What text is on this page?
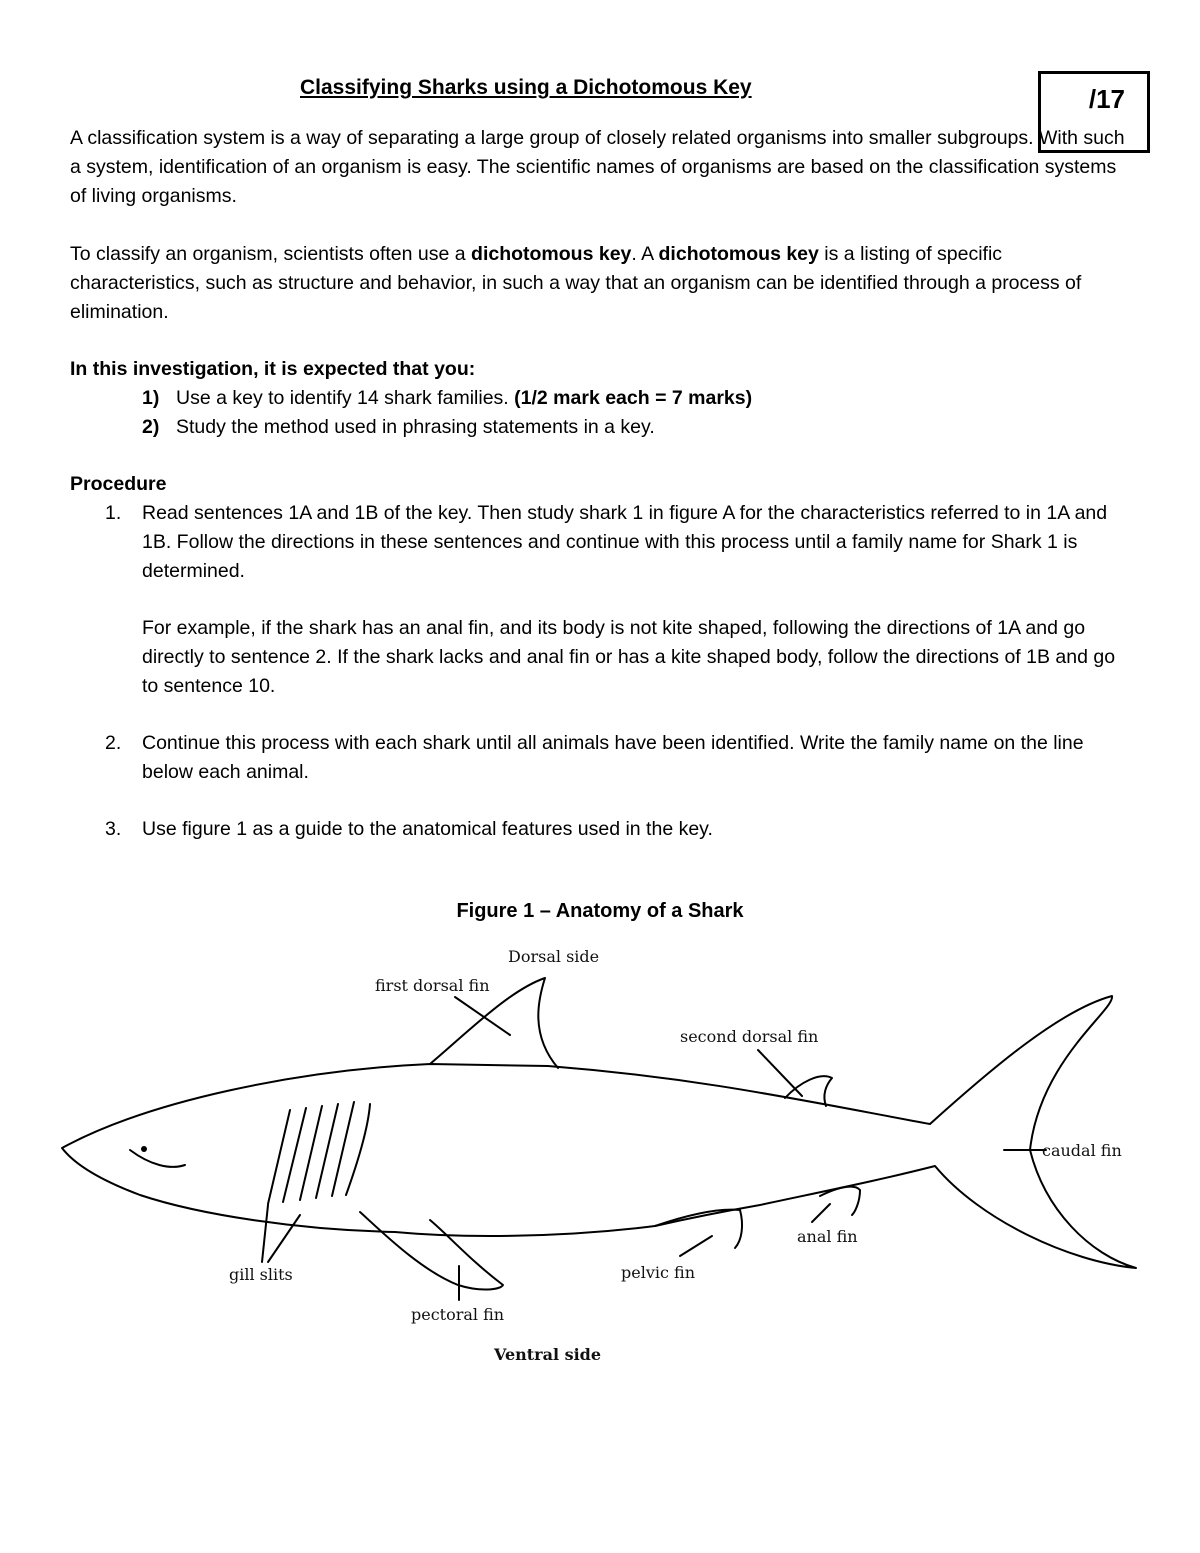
Classifying Sharks using a Dichotomous Key	/17
A classification system is a way of separating a large group of closely related organisms into smaller subgroups. With such a system, identification of an organism is easy. The scientific names of organisms are based on the classification systems of living organisms.
To classify an organism, scientists often use a dichotomous key. A dichotomous key is a listing of specific characteristics, such as structure and behavior, in such a way that an organism can be identified through a process of elimination.
In this investigation, it is expected that you:
1) Use a key to identify 14 shark families. (1/2 mark each = 7 marks)
2) Study the method used in phrasing statements in a key.
Procedure
1. Read sentences 1A and 1B of the key. Then study shark 1 in figure A for the characteristics referred to in 1A and 1B. Follow the directions in these sentences and continue with this process until a family name for Shark 1 is determined.
For example, if the shark has an anal fin, and its body is not kite shaped, following the directions of 1A and go directly to sentence 2. If the shark lacks and anal fin or has a kite shaped body, follow the directions of 1B and go to sentence 10.
2. Continue this process with each shark until all animals have been identified. Write the family name on the line below each animal.
3. Use figure 1 as a guide to the anatomical features used in the key.
Figure 1 – Anatomy of a Shark
Dorsal side
first dorsal fin
second dorsal fin
caudal fin
anal fin
pelvic fin
gill slits
pectoral fin
Ventral side
